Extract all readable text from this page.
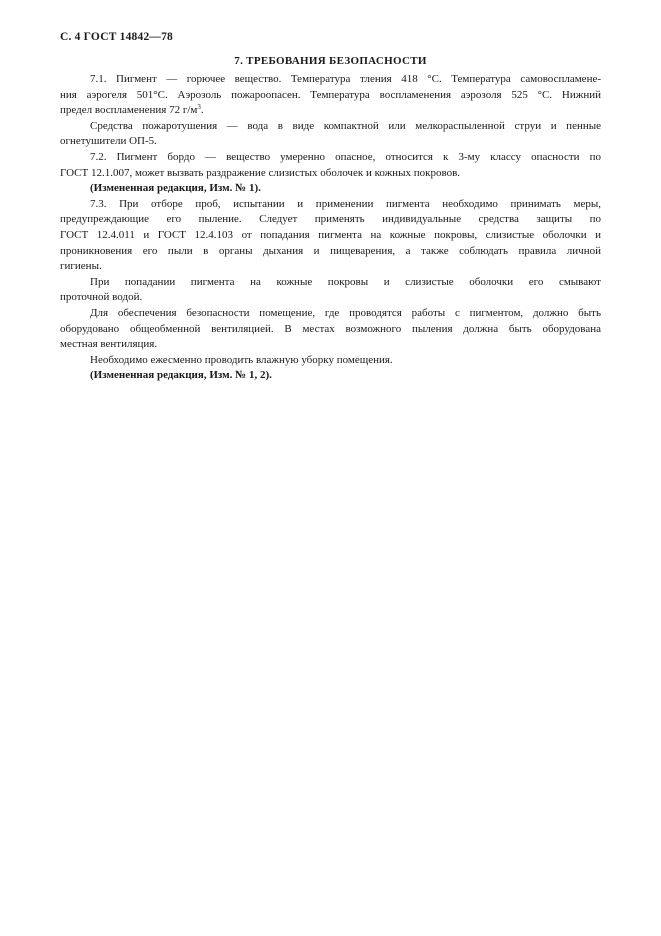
С. 4 ГОСТ 14842—78
7. ТРЕБОВАНИЯ БЕЗОПАСНОСТИ

7.1. Пигмент — горючее вещество. Температура тления 418 °С. Температура самовоспламене-
ния аэрогеля 501°С. Аэрозоль пожароопасен. Температура воспламенения аэрозоля 525 °С. Нижний
предел воспламенения 72 $г/м^3$.

Средства пожаротушения — вода в виде компактной или мелкораспыленной струи и пенные
огнетушители ОП-5.

7.2. Пигмент бордо — вещество умеренно опасное, относится к 3-му классу опасности по
ГОСТ 12.1.007, может вызвать раздражение слизистых оболочек и кожных покровов.

(Измененная редакция, Изм. № 1).

7.3. При отборе проб, испытании и применении пигмента необходимо принимать меры,
предупреждающие его пыление. Следует применять индивидуальные средства защиты по
ГОСТ 12.4.011 и ГОСТ 12.4.103 от попадания пигмента на кожные покровы, слизистые оболочки и
проникновения его пыли в органы дыхания и пищеварения, а также соблюдать правила личной
гигиены.

При попадании пигмента на кожные покровы и слизистые оболочки его смывают
проточной водой.

Для обеспечения безопасности помещение, где проводятся работы с пигментом, должно быть
оборудовано общеобменной вентиляцией. В местах возможного пыления должна быть оборудована
местная вентиляция.

Необходимо ежесменно проводить влажную уборку помещения.

(Измененная редакция, Изм. № 1, 2).
